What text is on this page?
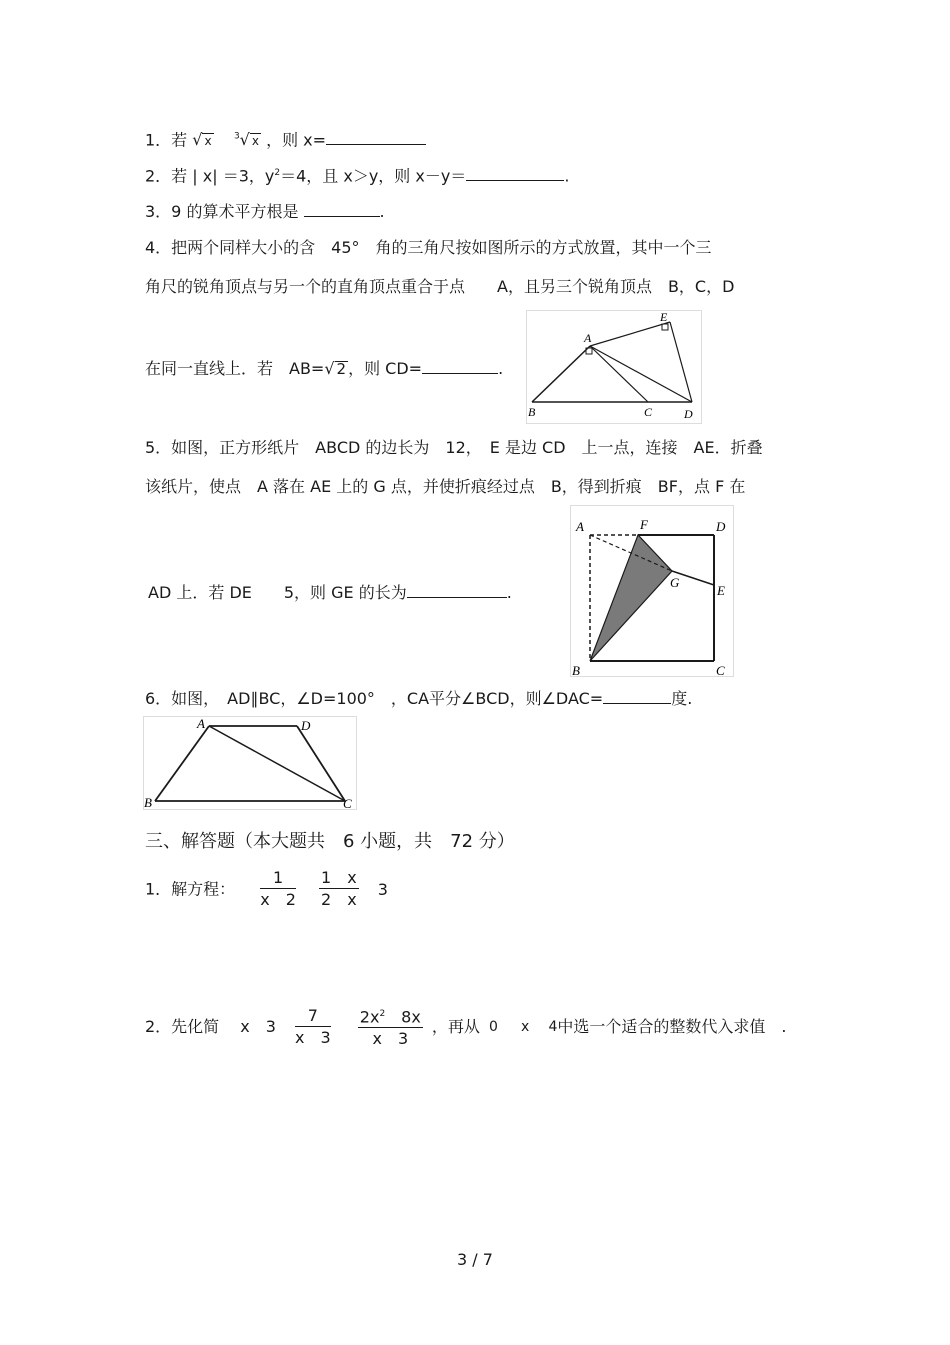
1．若 √ x $^3$√ x ，则 x=
2．若 | x| ＝3，$y^2=4$，且 x＞y，则 x－y＝	.
3．9 的算术平方根是	.
4．把两个同样大小的含　45°　角的三角尺按如图所示的方式放置，其中一个三
角尺的锐角顶点与另一个的直角顶点重合于点　　A，且另三个锐角顶点　B，C，D
在同一直线上．若　AB=√ 2 ，则 CD=	.
A
B	C	D
E
5．如图，正方形纸片　ABCD 的边长为　12，　E 是边 CD　上一点，连接　AE．折叠
该纸片，使点　A 落在 AE 上的 G 点，并使折痕经过点　B，得到折痕　BF，点 F 在
AD 上．若 DE　　5，则 GE 的长为	.
A
B	C
D
E
F
G
6．如图，　AD∥BC，∠D=100°　，CA平分∠BCD，则∠DAC=	度.
A	D
B	C
三、解答题（本大题共　6 小题，共　72 分）
1．解方程： $\frac{1}{x 2}$
$\frac{1 x}{2 x} 3$
2．先化简 x　$3 \frac{7}{x 3}$
$\frac{2x^2 8x}{x 3}$ ，再从 0 x 4中选一个适合的整数代入求值　.
3 / 7
